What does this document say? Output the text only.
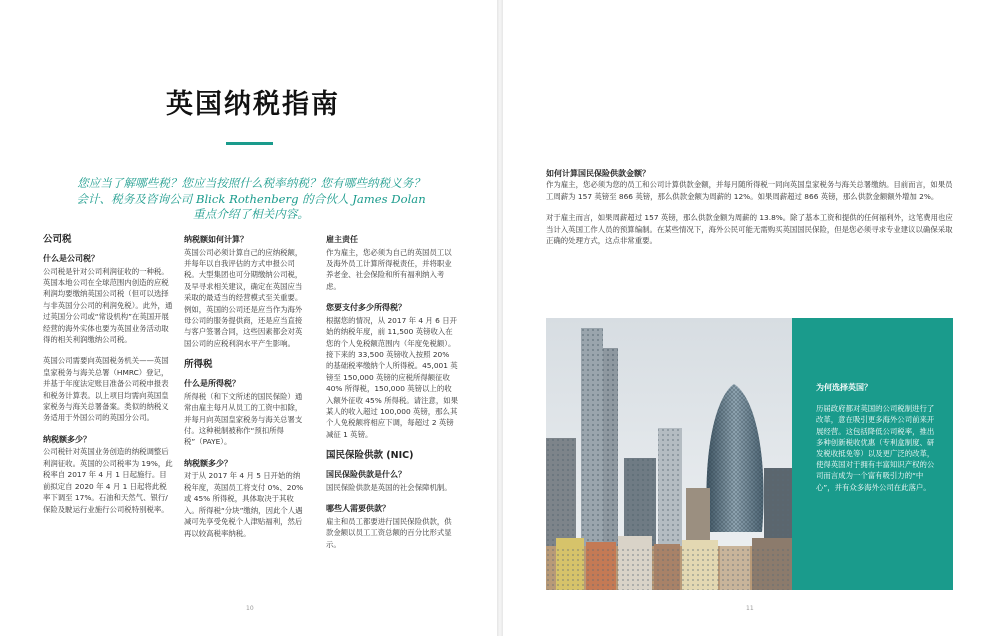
英国纳税指南
您应当了解哪些税？您应当按照什么税率纳税？您有哪些纳税义务？
会计、税务及咨询公司 Blick Rothenberg 的合伙人 James Dolan
重点介绍了相关内容。
公司税
什么是公司税？

公司税是针对公司利润征收的一种税。英国本地公司在全球范围内创造的应税利润均要缴纳英国公司税（但可以选择与非英国分公司的利润免税）。此外，通过英国分公司或“常设机构”在英国开展经营的海外实体也要为英国业务活动取得的相关利润缴纳公司税。

英国公司需要向英国税务机关——英国皇家税务与海关总署（HMRC）登记，并基于年度法定账目准备公司税申报表和税务计算表。以上项目均需向英国皇家税务与海关总署备案。类似的纳税义务适用于外国公司的英国分公司。

纳税额多少？

公司税针对英国业务创造的纳税调整后利润征收。英国的公司税率为 19%，此税率自 2017 年 4 月 1 日起施行。目前拟定自 2020 年 4 月 1 日起将此税率下调至 17%。石油和天然气、银行/保险及駛运行业施行公司税特别税率。

纳税额如何计算？

英国公司必须计算自己的应纳税额，并每年以自我评估的方式申报公司税。大型集团也可分期缴纳公司税，及早寻求相关建议，确定在英国应当采取的最适当的经营模式至关重要。例如，英国的公司还是应当作为海外母公司的服务提供商，还是应当直接与客户签署合同，这些因素都会对英国公司的应税利润水平产生影响。

所得税
什么是所得税？

所得税（和下文所述的国民保险）通常由雇主每月从员工的工资中扣除，并每月向英国皇家税务与海关总署支付。这种税制被称作“预扣所得税”（PAYE）。

纳税额多少？

对于从 2017 年 4 月 5 日开始的纳税年度，英国员工将支付 0%、20% 或 45% 所得税，具体取决于其收入。所得税“分块”缴纳，因此个人遇减可先享受免税个人津贴福利，然后再以较高税率纳税。

雇主责任

作为雇主，您必须为自己的英国员工以及海外员工计算所得税责任，并将职业养老金、社会保险和所有福利纳入考虑。

您要支付多少所得税？

根据您的情况，从 2017 年 4 月 6 日开始的纳税年度，前 11,500 英镑收入在您的个人免税额范围内（年度免税额）。接下来的 33,500 英镑收入按照 20% 的基础税率缴纳个人所得税。45,001 英镑至 150,000 英镑的应税所得额征收 40% 所得税，150,000 英镑以上的收入额外征收 45% 所得税。请注意，如果某人的收入超过 100,000 英镑，那么其个人免税额将相应下调，每超过 2 英镑减征 1 英镑。

国民保险供款 (NIC)
国民保险供款是什么？

国民保险供款是英国的社会保障机制。

哪些人需要供款？

雇主和员工都要进行国民保险供款，供款金额以员工工资总额的百分比形式显示。

10
如何计算国民保险供款金额？

作为雇主，您必须为您的员工和公司计算供款金额，并每月随所得税一同向英国皇家税务与海关总署缴纳。目前而言，如果员工周薪为 157 英镑至 866 英镑，那么供款金额为周薪的 12%。如果周薪超过 866 英镑，那么供款金额额外增加 2%。

对于雇主而言，如果周薪超过 157 英镑，那么供款金额为周薪的 13.8%。除了基本工资和提供的任何福利外，这笔费用也应当计入英国工作人员的预算编制。在某些情况下，海外公民可能无需购买英国国民保险，但是您必须寻求专业建议以确保采取正确的处理方式，这点非常重要。

为何选择英国？
历届政府都对英国的公司税制进行了改革，意在吸引更多海外公司前来开展经营。这包括降低公司税率，推出多种创新税收优惠（专利盒制度、研发税收抵免等）以及更广泛的改革，使得英国对于拥有丰富知识产权的公司而言成为一个富有吸引力的“中心”，并有众多海外公司在此落户。
11
